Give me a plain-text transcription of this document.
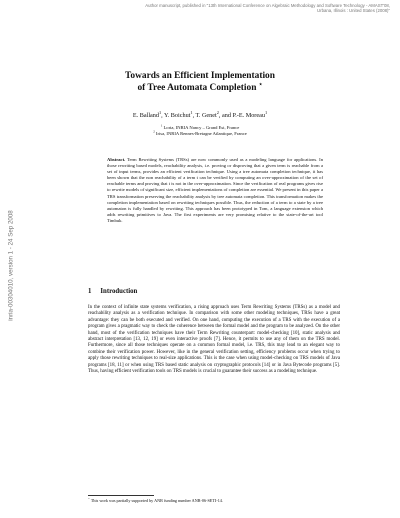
Author manuscript, published in "13th International Conference on Algebraic Methodology and Software Technology - AMAST'08,
Urbana, Illinois : United States (2008)"
inria-00304010, version 1 - 24 Sep 2008
Towards an Efficient Implementation
of Tree Automata Completion ⋆
E. Balland$^1$, Y. Boichut$^1$, T. Genet$^2$, and P.-E. Moreau$^1$
$^1$ Loria, INRIA Nancy – Grand Est, France
$^2$ Irisa, INRIA Rennes-Bretagne Atlantique, France
Abstract. Term Rewriting Systems (TRSs) are now commonly used as a modeling language for applications. In those rewriting based models, reachability analysis, i.e. proving or disproving that a given term is reachable from a set of input terms, provides an efficient verification technique. Using a tree automata completion technique, it has been shown that the non reachability of a term t can be verified by computing an over-approximation of the set of reachable terms and proving that t is not in the over-approximation. Since the verification of real programs gives rise to rewrite models of significant size, efficient implementations of completion are essential. We present in this paper a TRS transformation preserving the reachability analysis by tree automata completion. This transformation makes the completion implementation based on rewriting techniques possible. Thus, the reduction of a term to a state by a tree automaton is fully handled by rewriting. This approach has been prototyped in Tom, a language extension which adds rewriting primitives to Java. The first experiments are very promising relative to the state-of-the-art tool Timbuk.
1 Introduction
In the context of infinite state systems verification, a rising approach uses Term Rewriting Systems (TRSs) as a model and reachability analysis as a verification technique. In comparison with some other modeling techniques, TRSs have a great advantage: they can be both executed and verified. On one hand, computing the execution of a TRS with the execution of a program gives a pragmatic way to check the coherence between the formal model and the program to be analyzed. On the other hand, most of the verification techniques have their Term Rewriting counterpart: model-checking [10], static analysis and abstract interpretation [13, 12, 19] or even interactive proofs [7]. Hence, it permits to use any of them on the TRS model. Furthermore, since all those techniques operate on a common formal model, i.e. TRS, this may lead to an elegant way to combine their verification power. However, like in the general verification setting, efficiency problems occur when trying to apply those rewriting techniques to real-size applications. This is the case when using model-checking on TRS models of Java programs [18, 11] or when using TRS based static analysis on cryptographic protocols [14] or in Java Bytecode programs [5]. Thus, having efficient verification tools on TRS models is crucial to guarantee their success as a modeling technique.
⋆ This work was partially supported by ANR funding number ANR-06-SETI-14.
